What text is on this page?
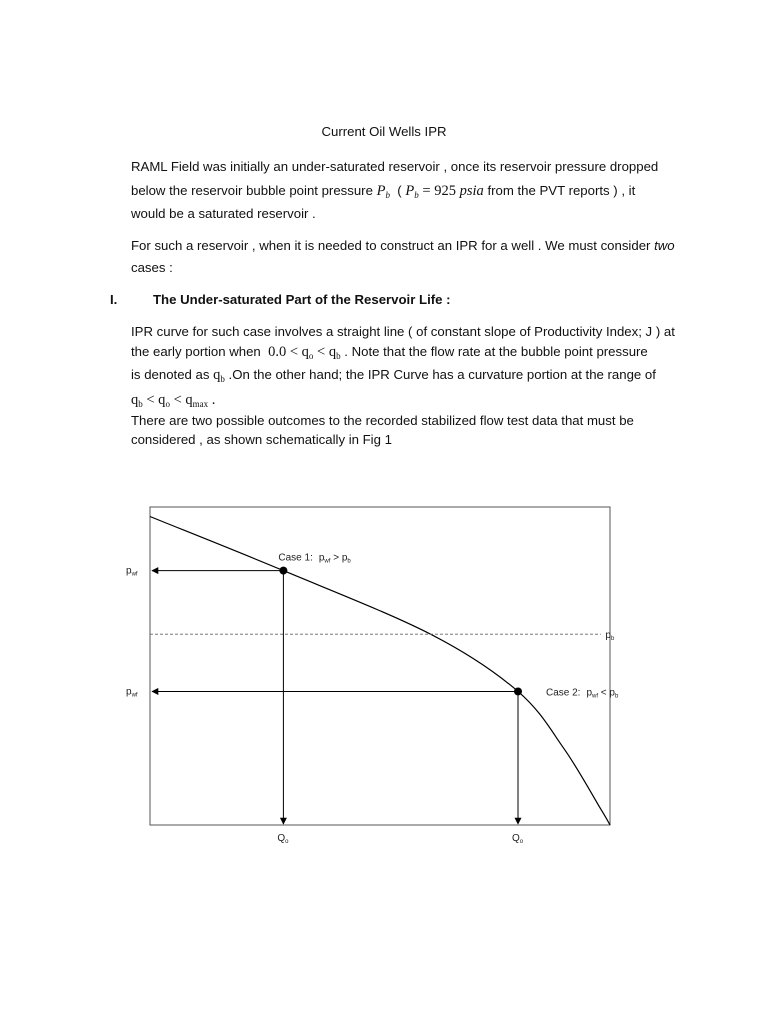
Current Oil Wells IPR
RAML Field was initially an under-saturated reservoir , once its reservoir pressure dropped
below the reservoir bubble point pressure $P_b$ ( $P_b = 925$ psia from the PVT reports ) , it
would be a saturated reservoir .
For such a reservoir , when it is needed to construct an IPR for a well . We must consider two
cases :
I.	The Under-saturated Part of the Reservoir Life :
IPR curve for such case involves a straight line ( of constant slope of Productivity Index; J ) at
the early portion when $0.0 < q_o < q_b$ . Note that the flow rate at the bubble point pressure
is denoted as $q_b$ .On the other hand; the IPR Curve has a curvature portion at the range of
$q_b < q_o < q_{max}$ .
There are two possible outcomes to the recorded stabilized flow test data that must be
considered , as shown schematically in Fig 1
$p_b$
Case 1: $p_{wf} > p_b$
$p_{wf}$
$Q_o$
Case 2: $p_{wf} < p_b$
$p_{wf}$
$Q_o$
